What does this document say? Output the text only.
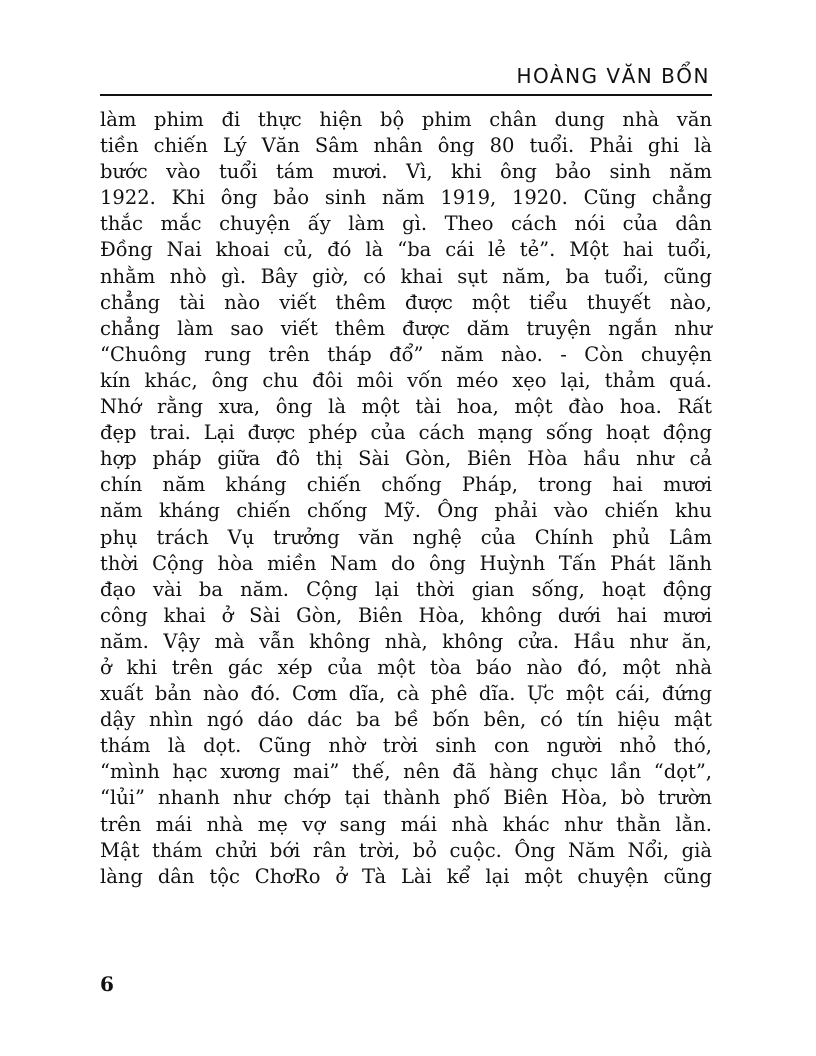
HOÀNG VĂN BỔN
làm phim đi thực hiện bộ phim chân dung nhà văn
tiền chiến Lý Văn Sâm nhân ông 80 tuổi. Phải ghi là
bước vào tuổi tám mươi. Vì, khi ông bảo sinh năm
1922. Khi ông bảo sinh năm 1919, 1920. Cũng chẳng
thắc mắc chuyện ấy làm gì. Theo cách nói của dân
Đồng Nai khoai củ, đó là “ba cái lẻ tẻ”. Một hai tuổi,
nhằm nhò gì. Bây giờ, có khai sụt năm, ba tuổi, cũng
chẳng tài nào viết thêm được một tiểu thuyết nào,
chẳng làm sao viết thêm được dăm truyện ngắn như
“Chuông rung trên tháp đổ” năm nào. - Còn chuyện
kín khác, ông chu đôi môi vốn méo xẹo lại, thảm quá.
Nhớ rằng xưa, ông là một tài hoa, một đào hoa. Rất
đẹp trai. Lại được phép của cách mạng sống hoạt động
hợp pháp giữa đô thị Sài Gòn, Biên Hòa hầu như cả
chín năm kháng chiến chống Pháp, trong hai mươi
năm kháng chiến chống Mỹ. Ông phải vào chiến khu
phụ trách Vụ trưởng văn nghệ của Chính phủ Lâm
thời Cộng hòa miền Nam do ông Huỳnh Tấn Phát lãnh
đạo vài ba năm. Cộng lại thời gian sống, hoạt động
công khai ở Sài Gòn, Biên Hòa, không dưới hai mươi
năm. Vậy mà vẫn không nhà, không cửa. Hầu như ăn,
ở khi trên gác xép của một tòa báo nào đó, một nhà
xuất bản nào đó. Cơm dĩa, cà phê dĩa. Ực một cái, đứng
dậy nhìn ngó dáo dác ba bề bốn bên, có tín hiệu mật
thám là dọt. Cũng nhờ trời sinh con người nhỏ thó,
“mình hạc xương mai” thế, nên đã hàng chục lần “dọt”,
“lủi” nhanh như chớp tại thành phố Biên Hòa, bò trườn
trên mái nhà mẹ vợ sang mái nhà khác như thằn lằn.
Mật thám chửi bới rân trời, bỏ cuộc. Ông Năm Nổi, già
làng dân tộc ChơRo ở Tà Lài kể lại một chuyện cũng
6
